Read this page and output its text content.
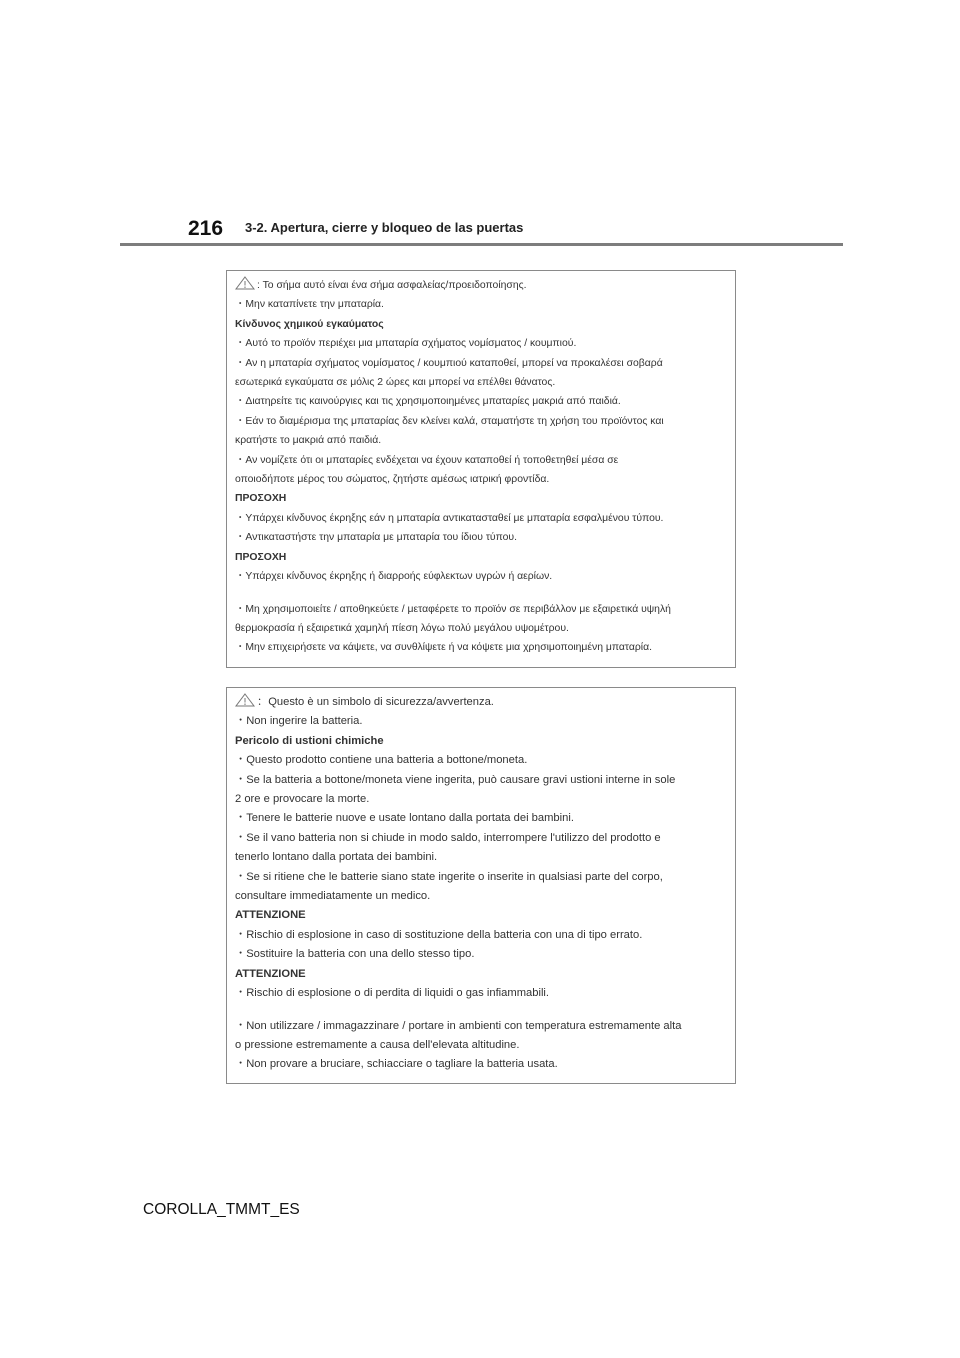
216 3-2. Apertura, cierre y bloqueo de las puertas
: Το σήμα αυτό είναι ένα σήμα ασφαλείας/προειδοποίησης.
・Μην καταπίνετε την μπαταρία.
Κίνδυνος χημικού εγκαύματος
・Αυτό το προϊόν περιέχει μια μπαταρία σχήματος νομίσματος / κουμπιού.
・Αν η μπαταρία σχήματος νομίσματος / κουμπιού καταποθεί, μπορεί να προκαλέσει σοβαρά
εσωτερικά εγκαύματα σε μόλις 2 ώρες και μπορεί να επέλθει θάνατος.
・Διατηρείτε τις καινούργιες και τις χρησιμοποιημένες μπαταρίες μακριά από παιδιά.
・Εάν το διαμέρισμα της μπαταρίας δεν κλείνει καλά, σταματήστε τη χρήση του προϊόντος και
κρατήστε το μακριά από παιδιά.
・Αν νομίζετε ότι οι μπαταρίες ενδέχεται να έχουν καταποθεί ή τοποθετηθεί μέσα σε
οποιοδήποτε μέρος του σώματος, ζητήστε αμέσως ιατρική φροντίδα.
ΠΡΟΣΟΧΗ
・Υπάρχει κίνδυνος έκρηξης εάν η μπαταρία αντικατασταθεί με μπαταρία εσφαλμένου τύπου.
・Αντικαταστήστε την μπαταρία με μπαταρία του ίδιου τύπου.
ΠΡΟΣΟΧΗ
・Υπάρχει κίνδυνος έκρηξης ή διαρροής εύφλεκτων υγρών ή αερίων.
・Μη χρησιμοποιείτε / αποθηκεύετε / μεταφέρετε το προϊόν σε περιβάλλον με εξαιρετικά υψηλή
θερμοκρασία ή εξαιρετικά χαμηλή πίεση λόγω πολύ μεγάλου υψομέτρου.
・Μην επιχειρήσετε να κάψετε, να συνθλίψετε ή να κόψετε μια χρησιμοποιημένη μπαταρία.
：Questo è un simbolo di sicurezza/avvertenza.
・Non ingerire la batteria.
Pericolo di ustioni chimiche
・Questo prodotto contiene una batteria a bottone/moneta.
・Se la batteria a bottone/moneta viene ingerita, può causare gravi ustioni interne in sole
2 ore e provocare la morte.
・Tenere le batterie nuove e usate lontano dalla portata dei bambini.
・Se il vano batteria non si chiude in modo saldo, interrompere l'utilizzo del prodotto e
tenerlo lontano dalla portata dei bambini.
・Se si ritiene che le batterie siano state ingerite o inserite in qualsiasi parte del corpo,
consultare immediatamente un medico.
ATTENZIONE
・Rischio di esplosione in caso di sostituzione della batteria con una di tipo errato.
・Sostituire la batteria con una dello stesso tipo.
ATTENZIONE
・Rischio di esplosione o di perdita di liquidi o gas infiammabili.
・Non utilizzare / immagazzinare / portare in ambienti con temperatura estremamente alta
o pressione estremamente a causa dell'elevata altitudine.
・Non provare a bruciare, schiacciare o tagliare la batteria usata.
COROLLA_TMMT_ES
